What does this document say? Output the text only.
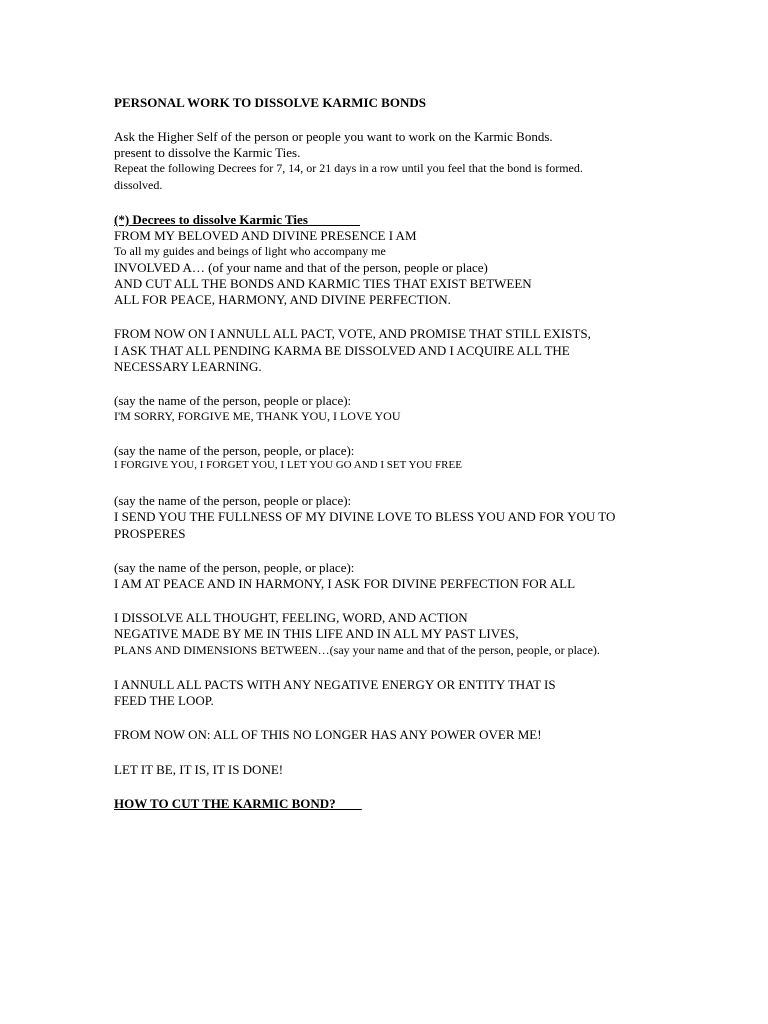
PERSONAL WORK TO DISSOLVE KARMIC BONDS
Ask the Higher Self of the person or people you want to work on the Karmic Bonds.
present to dissolve the Karmic Ties.
Repeat the following Decrees for 7, 14, or 21 days in a row until you feel that the bond is formed.
dissolved.
(*) Decrees to dissolve Karmic Ties________
FROM MY BELOVED AND DIVINE PRESENCE I AM
To all my guides and beings of light who accompany me
INVOLVED A… (of your name and that of the person, people or place)
AND CUT ALL THE BONDS AND KARMIC TIES THAT EXIST BETWEEN
ALL FOR PEACE, HARMONY, AND DIVINE PERFECTION.
FROM NOW ON I ANNULL ALL PACT, VOTE, AND PROMISE THAT STILL EXISTS,
I ASK THAT ALL PENDING KARMA BE DISSOLVED AND I ACQUIRE ALL THE
NECESSARY LEARNING.
(say the name of the person, people or place):
I'M SORRY, FORGIVE ME, THANK YOU, I LOVE YOU
(say the name of the person, people, or place):
I FORGIVE YOU, I FORGET YOU, I LET YOU GO AND I SET YOU FREE
(say the name of the person, people or place):
I SEND YOU THE FULLNESS OF MY DIVINE LOVE TO BLESS YOU AND FOR YOU TO
PROSPERES
(say the name of the person, people, or place):
I AM AT PEACE AND IN HARMONY, I ASK FOR DIVINE PERFECTION FOR ALL
I DISSOLVE ALL THOUGHT, FEELING, WORD, AND ACTION
NEGATIVE MADE BY ME IN THIS LIFE AND IN ALL MY PAST LIVES,
PLANS AND DIMENSIONS BETWEEN…(say your name and that of the person, people, or place).
I ANNULL ALL PACTS WITH ANY NEGATIVE ENERGY OR ENTITY THAT IS
FEED THE LOOP.
FROM NOW ON: ALL OF THIS NO LONGER HAS ANY POWER OVER ME!
LET IT BE, IT IS, IT IS DONE!
HOW TO CUT THE KARMIC BOND?____
